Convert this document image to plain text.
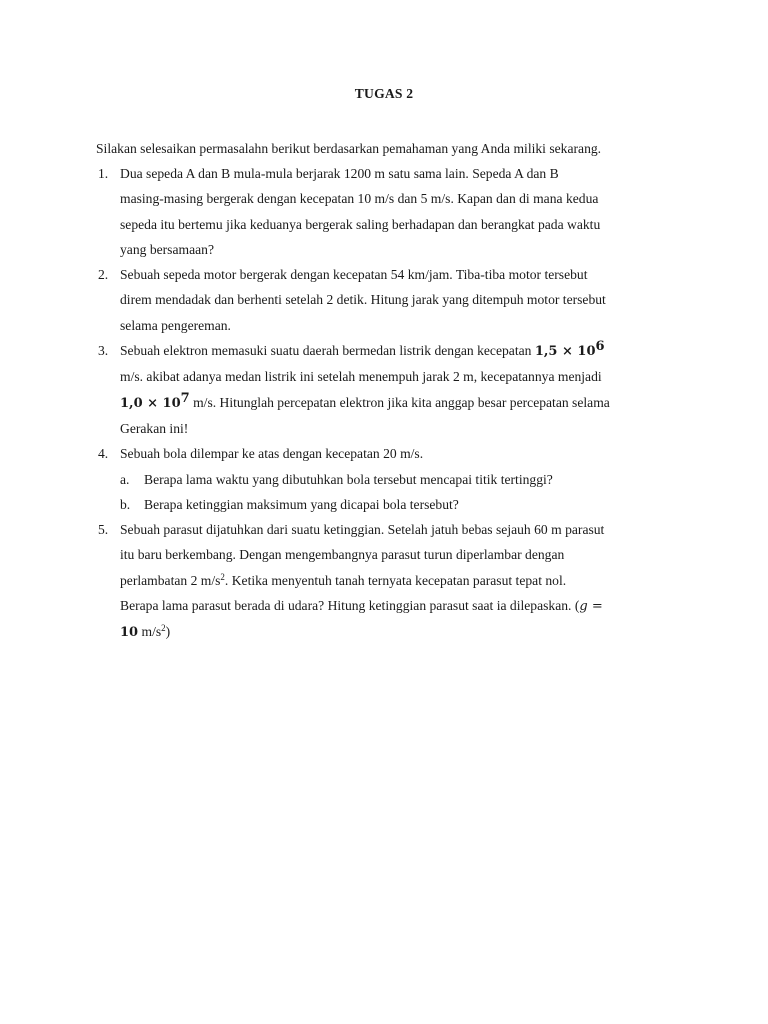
TUGAS 2
Silakan selesaikan permasalahn berikut berdasarkan pemahaman yang Anda miliki sekarang.
1. Dua sepeda A dan B mula-mula berjarak 1200 m satu sama lain. Sepeda A dan B
masing-masing bergerak dengan kecepatan 10 m/s dan 5 m/s. Kapan dan di mana kedua
sepeda itu bertemu jika keduanya bergerak saling berhadapan dan berangkat pada waktu
yang bersamaan?
2. Sebuah sepeda motor bergerak dengan kecepatan 54 km/jam. Tiba-tiba motor tersebut
direm mendadak dan berhenti setelah 2 detik. Hitung jarak yang ditempuh motor tersebut
selama pengereman.
3. Sebuah elektron memasuki suatu daerah bermedan listrik dengan kecepatan $1,5 \times 10^6$
m/s. akibat adanya medan listrik ini setelah menempuh jarak 2 m, kecepatannya menjadi
$1,0 \times 10^7$ m/s. Hitunglah percepatan elektron jika kita anggap besar percepatan selama
Gerakan ini!
4. Sebuah bola dilempar ke atas dengan kecepatan 20 m/s.
a. Berapa lama waktu yang dibutuhkan bola tersebut mencapai titik tertinggi?
b. Berapa ketinggian maksimum yang dicapai bola tersebut?
5. Sebuah parasut dijatuhkan dari suatu ketinggian. Setelah jatuh bebas sejauh 60 m parasut
itu baru berkembang. Dengan mengembangnya parasut turun diperlambar dengan
perlambatan 2 $m/s^2$. Ketika menyentuh tanah ternyata kecepatan parasut tepat nol.
Berapa lama parasut berada di udara? Hitung ketinggian parasut saat ia dilepaskan. (g =
10 $m/s^2$)
